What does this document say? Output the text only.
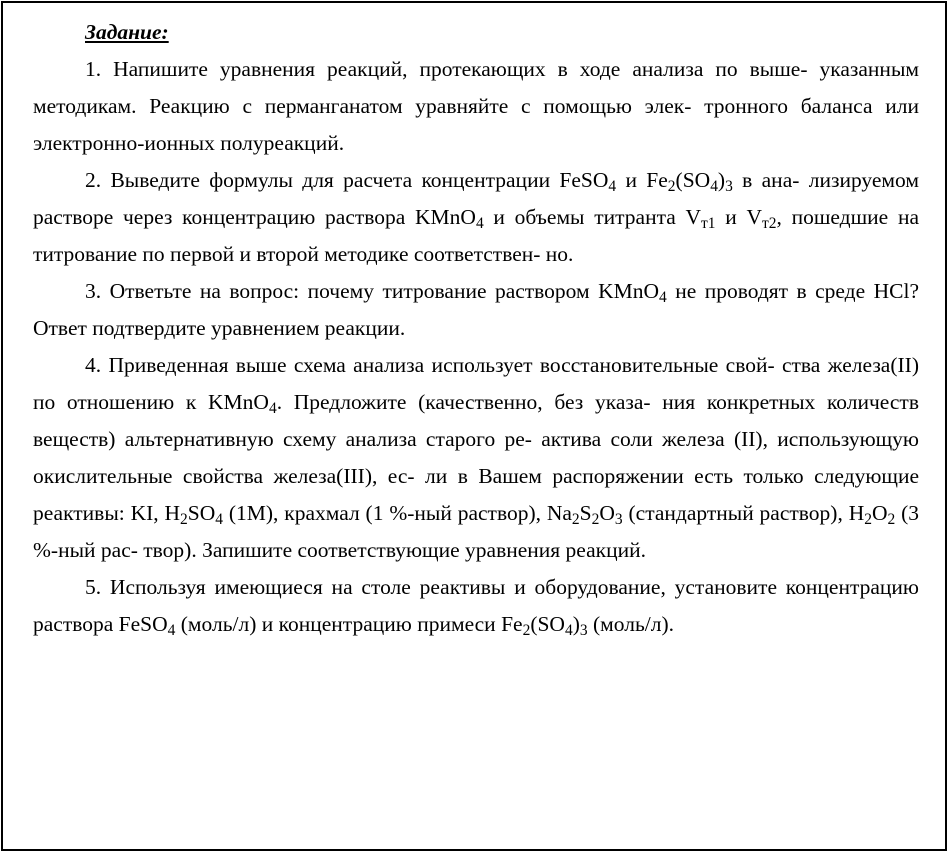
Задание:

1. Напишите уравнения реакций, протекающих в ходе анализа по выше- указанным методикам. Реакцию с перманганатом уравняйте с помощью элек- тронного баланса или электронно-ионных полуреакций.

2. Выведите формулы для расчета концентрации FeSO$_4$ и $Fe_2(SO_4)_3$ в ана- лизируемом растворе через концентрацию раствора KMnO$_4$ и объемы титранта $V_{т1}$ и $V_{т2}$, пошедшие на титрование по первой и второй методике соответствен- но.

3. Ответьте на вопрос: почему титрование раствором KMnO$_4$ не проводят в среде HCl? Ответ подтвердите уравнением реакции.

4. Приведенная выше схема анализа использует восстановительные свой- ства железа(II) по отношению к KMnO$_4$. Предложите (качественно, без указа- ния конкретных количеств веществ) альтернативную схему анализа старого ре- актива соли железа (II), использующую окислительные свойства железа(III), ес- ли в Вашем распоряжении есть только следующие реактивы: KI, $H_2SO_4$ (1M), крахмал (1 %-ный раствор), $Na_2S_2O_3$ (стандартный раствор), $H_2O_2$ (3 %-ный рас- твор). Запишите соответствующие уравнения реакций.

5. Используя имеющиеся на столе реактивы и оборудование, установите концентрацию раствора FeSO$_4$ (моль/л) и концентрацию примеси $Fe_2(SO_4)_3$ (моль/л).
